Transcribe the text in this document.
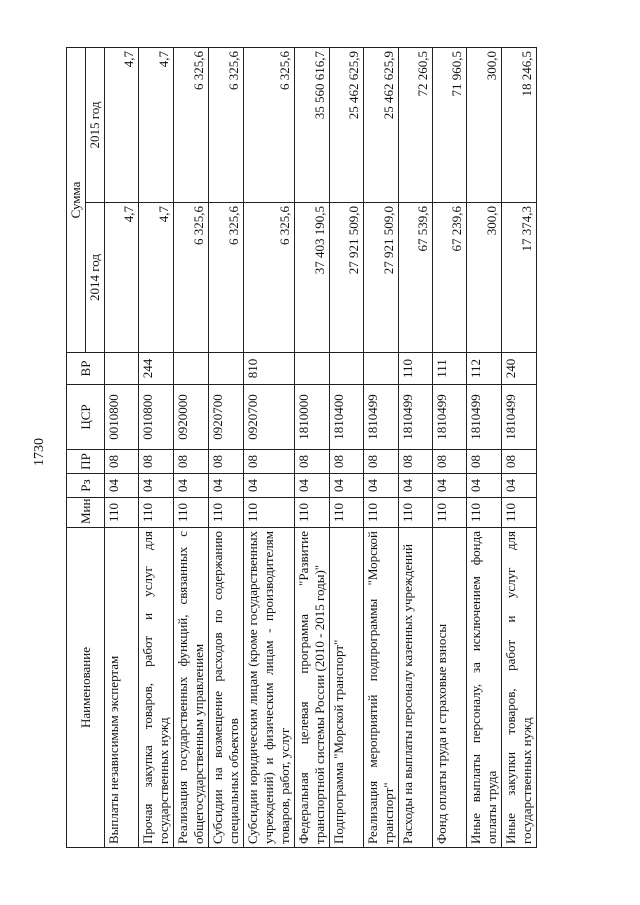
1730
Наименование	Мин	Рз	ПР	ЦСР	ВР	Сумма	
						2014 год	2015 год
Выплаты независимым экспертам	110	04	08	0010800		4,7	4,7
Прочая закупка товаров, работ и услуг для государственных нужд	110	04	08	0010800	244	4,7	4,7
Реализация государственных функций, связанных с общегосударственным управлением	110	04	08	0920000		6 325,6	6 325,6
Субсидии на возмещение расходов по содержанию специальных объектов	110	04	08	0920700		6 325,6	6 325,6
Субсидии юридическим лицам (кроме государственных учреждений) и физическим лицам - производителям товаров, работ, услуг	110	04	08	0920700	810	6 325,6	6 325,6
Федеральная целевая программа "Развитие транспортной системы России (2010 - 2015 годы)"	110	04	08	1810000		37 403 190,5	35 560 616,7
Подпрограмма "Морской транспорт"	110	04	08	1810400		27 921 509,0	25 462 625,9
Реализация мероприятий подпрограммы "Морской транспорт"	110	04	08	1810499		27 921 509,0	25 462 625,9
Расходы на выплаты персоналу казенных учреждений	110	04	08	1810499	110	67 539,6	72 260,5
Фонд оплаты труда и страховые взносы	110	04	08	1810499	111	67 239,6	71 960,5
Иные выплаты персоналу, за исключением фонда оплаты труда	110	04	08	1810499	112	300,0	300,0
Иные закупки товаров, работ и услуг для государственных нужд	110	04	08	1810499	240	17 374,3	18 246,5
